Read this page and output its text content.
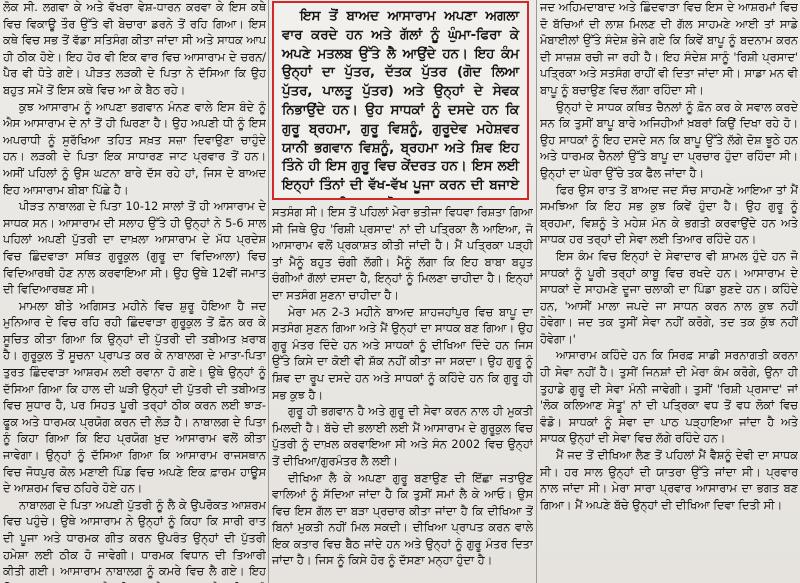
ਲੋਕ ਸੀ. ਲਗਵਾ ਕੇ ਅਤੇ ਵੱਖਰਾ ਵੇਸ਼-ਧਾਰਨ ਕਰਵਾ ਕੇ ਇਸ ਕਥੇ ਵਿਚ ਵਿਕਾਊ ਤੌਰ ਉੱਤੇ ਵੀ ਬੇਚਾਰਾ ਡਰਨੇ ਤੋਂ ਰਹਿ ਗਿਆ। ਇਸ ਕਥੇ ਵਿਚ ਸਭ ਤੋਂ ਵੱਡਾ ਸਤਿਸੰਗ ਕੀਤਾ ਜਾਂਦਾ ਸੀ ਅਤੇ ਸਾਧਕ ਆਪ ਹੀ ਠੀਕ ਹੋਏ। ਇਹ ਹੋਰ ਵੀ ਇਕ ਵਾਰ ਵਿਚ ਆਸਾਰਾਮ ਦੇ ਚਰਨ/ਪੈਰ ਵੀ ਧੋਤੇ ਗਏ। ਪੀੜਤ ਲੜਕੀ ਦੇ ਪਿਤਾ ਨੇ ਦੱਸਿਆ ਕਿ ਉਹ ਬਹੁਤ ਸਮੇਂ ਤੋਂ ਇਸ ਕਥੇ ਵਿਚ ਆ ਕੇ ਬੈਠ ਰਹੇ।

ਕੁਝ ਆਸਾਰਾਮ ਨੂੰ ਆਪਣਾ ਭਗਵਾਨ ਮੰਨਣ ਵਾਲੇ ਇਸ ਬੰਦੇ ਨੂੰ ਐਸ ਆਸਾਰਾਮ ਦੇ ਨਾਂ ਤੋਂ ਹੀ ਘਿਰਣਾ ਹੈ। ਉਹ ਅਪਣੀ ਧੀ ਨੂੰ ਇਸ ਅਪਰਾਧੀ ਨੂੰ ਸੁਰੱਖਿਆ ਤਹਿਤ ਸਖ਼ਤ ਸਜ਼ਾ ਦਿਵਾਉਣਾ ਚਾਹੁੰਦੇ ਹਨ। ਲੜਕੀ ਦੇ ਪਿਤਾ ਇਕ ਸਾਧਾਰਣ ਜਾਟ ਪ੍ਰਵਾਰ ਤੋਂ ਹਨ। ਅਸੀਂ ਪਹਿਲਾਂ ਨੂੰ ਉਸ ਘਟਨਾ ਬਾਰੇ ਦੱਸ ਰਹੇ ਹਾਂ, ਜਿਸ ਦੇ ਬਾਅਦ ਇਹ ਆਸਾਰਾਮ ਬੀਬਾ ਪਿੱਛੇ ਹੈ।

ਪੀੜਤ ਨਾਬਾਲਗ ਦੇ ਪਿਤਾ 10-12 ਸਾਲਾਂ ਤੋਂ ਹੀ ਆਸਾਰਾਮ ਦੇ ਸਾਧਕ ਸਨ। ਆਸਾਰਾਮ ਦੀ ਸਲਾਹ ਉੱਤੇ ਹੀ ਉਨ੍ਹਾਂ ਨੇ 5-6 ਸਾਲ ਪਹਿਲਾਂ ਅਪਣੀ ਪੁੱਤਰੀ ਦਾ ਦਾਖ਼ਲਾ ਆਸਾਰਾਮ ਦੇ ਮੱਧ ਪ੍ਰਦੇਸ਼ ਵਿਚ ਛਿੰਦਵਾੜਾ ਸਥਿਤ ਗੁਰੂਕੁਲ (ਗੁਰੂ ਦਾ ਵਿਦਿਆਲਾ) ਵਿਚ ਵਿਦਿਆਰਥੀ ਹੋਣ ਨਾਲ ਕਰਵਾਇਆ ਸੀ। ਉਹ ਉਥੇ 12ਵੀਂ ਜਮਾਤ ਦੀ ਵਿਦਿਆਰਥਣ ਸੀ।

ਮਾਮਲਾ ਬੀਤੇ ਅਗਿਸਤ ਮਹੀਨੇ ਵਿਚ ਸ਼ੁਰੂ ਹੋਇਆ ਹੈ ਜਦ ਮੁਨਿਆਰ ਦੇ ਵਿਚ ਰਹਿ ਰਹੀ ਛਿੰਦਵਾੜਾ ਗੁਰੂਕੁਲ ਤੋਂ ਫ਼ੋਨ ਕਰ ਕੇ ਸੂਚਿਤ ਕੀਤਾ ਗਿਆ ਕਿ ਉਨ੍ਹਾਂ ਦੀ ਪੁੱਤਰੀ ਦੀ ਤਬੀਅਤ ਖ਼ਰਾਬ ਹੈ। ਗੁਰੂਕੁਲ ਤੋਂ ਸੂਚਨਾ ਪ੍ਰਾਪਤ ਕਰ ਕੇ ਨਾਬਾਲਗ ਦੇ ਮਾਤਾ-ਪਿਤਾ ਤੁਰਤ ਛਿੰਦਵਾੜਾ ਆਸ਼ਰਮ ਲਈ ਰਵਾਨਾ ਹੋ ਗਏ। ਉਥੇ ਉਨ੍ਹਾਂ ਨੂੰ ਦੱਸਿਆ ਗਿਆ ਕਿ ਹਾਲ ਦੀ ਘੜੀ ਉਨ੍ਹਾਂ ਦੀ ਪੁੱਤਰੀ ਦੀ ਤਬੀਅਤ ਵਿਚ ਸੁਧਾਰ ਹੈ, ਪਰ ਸਿਹਤ ਪੂਰੀ ਤਰ੍ਹਾਂ ਠੀਕ ਕਰਨ ਲਈ ਝਾੜ-ਫੂਕ ਅਤੇ ਧਾਰਮਕ ਪ੍ਰਯੋਗ ਕਰਨ ਦੀ ਲੋੜ ਹੈ। ਨਾਬਾਲਗ ਦੇ ਪਿਤਾ ਨੂੰ ਕਿਹਾ ਗਿਆ ਕਿ ਇਹ ਪ੍ਰਯੋਗ ਖ਼ੁਦ ਆਸਾਰਾਮ ਵਲੋਂ ਕੀਤਾ ਜਾਵੇਗਾ। ਉਨ੍ਹਾਂ ਨੂੰ ਦੱਸਿਆ ਗਿਆ ਕਿ ਆਸਾਰਾਮ ਰਾਜਸਥਾਨ ਵਿਚ ਜੋਧਪੁਰ ਕੋਲ ਮਣਾਈ ਪਿੰਡ ਵਿਚ ਅਪਣੇ ਇਕ ਫ਼ਾਰਮ ਹਾਊਸ ਦੇ ਆਸ਼ਰਮ ਵਿਚ ਠਹਿਰੇ ਹੋਏ ਹਨ।

ਨਾਬਾਲਗ ਦੇ ਪਿਤਾ ਅਪਣੀ ਪੁੱਤਰੀ ਨੂੰ ਲੈ ਕੇ ਉਪਰੋਕਤ ਆਸ਼ਰਮ ਵਿਚ ਪਹੁੰਚੇ। ਉਥੇ ਆਸਾਰਾਮ ਨੇ ਉਨ੍ਹਾਂ ਨੂੰ ਕਿਹਾ ਕਿ ਸਾਰੀ ਰਾਤ ਦੀ ਪੂਜਾ ਅਤੇ ਧਾਰਮਕ ਗੀਤ ਕਰਨ ਉਪਰੰਤ ਉਨ੍ਹਾਂ ਦੀ ਪੁੱਤਰੀ ਹਮੇਸ਼ਾ ਲਈ ਠੀਕ ਹੋ ਜਾਵੇਗੀ। ਧਾਰਮਕ ਵਿਧਾਨ ਦੀ ਤਿਆਰੀ ਕੀਤੀ ਗਈ। ਆਸਾਰਾਮ ਨਾਬਾਲਗ ਨੂੰ ਕਮਰੇ ਵਿਚ ਲੈ ਗਏ। ਇਹ

ਇਸ ਤੋਂ ਬਾਅਦ ਆਸਾਰਾਮ ਅਪਣਾ ਅਗਲਾ ਵਾਰ ਕਰਦੇ ਹਨ ਅਤੇ ਗੱਲਾਂ ਨੂੰ ਘੁੰਮਾ-ਫਿਰਾ ਕੇ ਅਪਣੇ ਮਤਲਬ ਉੱਤੇ ਲੈ ਆਉਂਦੇ ਹਨ। ਇਹ ਕੰਮ ਉਨ੍ਹਾਂ ਦਾ ਪੁੱਤਰ, ਦੱਤਕ ਪੁੱਤਰ (ਗੋਦ ਲਿਆ ਪੁੱਤਰ, ਪਾਲਤੂ ਪੁੱਤਰ) ਅਤੇ ਉਨ੍ਹਾਂ ਦੇ ਸੇਵਕ ਨਿਭਾਉਂਦੇ ਹਨ। ਉਹ ਸਾਧਕਾਂ ਨੂੰ ਦਸਦੇ ਹਨ ਕਿ ਗੁਰੂ ਬ੍ਰਹਮਾ, ਗੁਰੂ ਵਿਸ਼ਨੂੰ, ਗੁਰੂਦੇਵ ਮਹੇਸ਼ਵਰ ਯਾਨੀ ਭਗਵਾਨ ਵਿਸ਼ਨੂੰ, ਬ੍ਰਹਮਾ ਅਤੇ ਸ਼ਿਵ ਇਹ ਤਿੰਨੇ ਹੀ ਇਸ ਗੁਰੂ ਵਿਚ ਕੇਂਦਰਤ ਹਨ। ਇਸ ਲਈ ਇਨ੍ਹਾਂ ਤਿੰਨਾਂ ਦੀ ਵੱਖ-ਵੱਖ ਪੂਜਾ ਕਰਨ ਦੀ ਬਜਾਏ

ਸਤਸੰਗ ਸੀ। ਇਸ ਤੋਂ ਪਹਿਲਾਂ ਮੇਰਾ ਭਤੀਜਾ ਵਿਧਵਾ ਰਿਸ਼ਤਾ ਗਿਆ ਸੀ ਜਿਥੇ ਉਹ 'ਰਿਸ਼ੀ ਪ੍ਰਸਾਦ' ਨਾਂ ਦੀ ਪਤ੍ਰਿਕਾ ਲੈ ਆਇਆ, ਜੋ ਆਸਾਰਾਮ ਵਲੋਂ ਪ੍ਰਕਾਸ਼ਤ ਕੀਤੀ ਜਾਂਦੀ ਹੈ। ਮੈਂ ਪਤ੍ਰਿਕਾ ਪੜ੍ਹੀ ਤਾਂ ਮੈਨੂੰ ਬਹੁਤ ਚੰਗੀ ਲੱਗੀ। ਮੈਨੂੰ ਲੱਗਾ ਕਿ ਇਹ ਬਾਬਾ ਬਹੁਤ ਚੰਗੀਆਂ ਗੱਲਾਂ ਦਸਦਾ ਹੈ, ਇਨ੍ਹਾਂ ਨੂੰ ਮਿਲਣਾ ਚਾਹੀਦਾ ਹੈ। ਇਨ੍ਹਾਂ ਦਾ ਸਤਸੰਗ ਸੁਣਨਾ ਚਾਹੀਦਾ ਹੈ।

ਮੇਰਾ ਮਨ 2-3 ਮਹੀਨੇ ਬਾਅਦ ਸ਼ਾਹਜਹਾਂਪੁਰ ਵਿਚ ਬਾਪੂ ਦਾ ਸਤਸੰਗ ਸੁਣਨ ਗਿਆ ਅਤੇ ਮੈਂ ਉਨ੍ਹਾਂ ਦਾ ਸਾਧਕ ਬਣ ਗਿਆ। ਉਹ ਗੁਰੂ ਮੰਤਰ ਦਿੰਦੇ ਹਨ ਅਤੇ ਸਾਧਕਾਂ ਨੂੰ ਦੀਖਿਆ ਦਿੰਦੇ ਹਨ ਜਿਸ ਉੱਤੇ ਕਿਸੇ ਦਾ ਕੋਈ ਵੀ ਸ਼ੱਕ ਨਹੀਂ ਕੀਤਾ ਜਾ ਸਕਦਾ। ਉਹ ਗੁਰੂ ਨੂੰ ਸ਼ਿਵ ਦਾ ਰੂਪ ਦਸਦੇ ਹਨ ਅਤੇ ਸਾਧਕਾਂ ਨੂੰ ਕਹਿੰਦੇ ਹਨ ਕਿ ਗੁਰੂ ਹੀ ਸਭ ਕੁਝ ਹੈ।

ਗੁਰੂ ਹੀ ਭਗਵਾਨ ਹੈ ਅਤੇ ਗੁਰੂ ਦੀ ਸੇਵਾ ਕਰਨ ਨਾਲ ਹੀ ਮੁਕਤੀ ਮਿਲਦੀ ਹੈ। ਬੱਚੇ ਦੀ ਭਲਾਈ ਲਈ ਮੈਂ ਆਸਾਰਾਮ ਦੇ ਗੁਰੂਕੁਲ ਵਿਚ ਪੁੱਤਰੀ ਨੂੰ ਦਾਖ਼ਲ ਕਰਵਾਇਆ ਸੀ ਅਤੇ ਸੰਨ 2002 ਵਿਚ ਉਨ੍ਹਾਂ ਤੋਂ ਦੀਖਿਆ/ਗੁਰਮੰਤਰ ਲੈ ਲਈ।

ਦੀਖਿਆ ਲੈ ਕੇ ਅਪਣਾ ਗੁਰੂ ਬਣਾਉਣ ਦੀ ਇੱਛਾ ਜਤਾਉਣ ਵਾਲਿਆਂ ਨੂੰ ਸੱਦਿਆ ਜਾਂਦਾ ਹੈ ਕਿ ਤੁਸੀਂ ਸਮਾਂ ਲੈ ਕੇ ਆਓ। ਉਸ ਵਿਚ ਇਸ ਗੱਲ ਦਾ ਬੜਾ ਪ੍ਰਚਾਰ ਕੀਤਾ ਜਾਂਦਾ ਹੈ ਕਿ ਦੀਖਿਆ ਤੋਂ ਬਿਨਾਂ ਮੁਕਤੀ ਨਹੀਂ ਮਿਲ ਸਕਦੀ। ਦੀਖਿਆ ਪ੍ਰਾਪਤ ਕਰਨ ਵਾਲੇ ਇਕ ਕਤਾਰ ਵਿਚ ਬੈਠ ਜਾਂਦੇ ਹਨ ਅਤੇ ਉਨ੍ਹਾਂ ਨੂੰ ਗੁਰੂ ਮੰਤਰ ਦਿਤਾ ਜਾਂਦਾ ਹੈ। ਜਿਸ ਨੂੰ ਕਿਸੇ ਹੋਰ ਨੂੰ ਦੱਸਣਾ ਮਨ੍ਹਾ ਹੁੰਦਾ ਹੈ।

ਜਦ ਅਹਿਮਦਾਬਾਦ ਅਤੇ ਛਿੰਦਵਾੜਾ ਵਿਚ ਇਸ ਦੇ ਆਸ਼ਰਮਾਂ ਵਿਚ ਦੋ ਬੱਚਿਆਂ ਦੀ ਲਾਸ਼ ਮਿਲਣ ਦੀ ਗੱਲ ਸਾਹਮਣੇ ਆਈ ਤਾਂ ਸਾਡੇ ਮੋਬਾਈਲਾਂ ਉੱਤੇ ਸੰਦੇਸ਼ ਭੇਜੇ ਗਏ ਕਿ ਕਿਵੇਂ ਬਾਪੂ ਨੂੰ ਬਦਨਾਮ ਕਰਨ ਦੀ ਸਾਜ਼ਸ਼ ਰਚੀ ਜਾ ਰਹੀ ਹੈ। ਇਹ ਸੰਦੇਸ਼ ਸਾਨੂੰ 'ਰਿਸ਼ੀ ਪ੍ਰਸਾਦ' ਪਤ੍ਰਿਕਾ ਅਤੇ ਸਤਸੰਗ ਰਾਹੀਂ ਵੀ ਦਿਤਾ ਜਾਂਦਾ ਸੀ। ਸਾਡਾ ਮਨ ਵੀ ਬਾਪੂ ਨੂੰ ਬਚਾਉਣ ਵਿਚ ਲੱਗਾ ਰਹਿੰਦਾ ਸੀ।

ਉਨ੍ਹਾਂ ਦੇ ਸਾਧਕ ਕਥਿਤ ਚੈਨਲਾਂ ਨੂੰ ਫ਼ੋਨ ਕਰ ਕੇ ਸਵਾਲ ਕਰਦੇ ਸਨ ਕਿ ਤੁਸੀਂ ਬਾਪੂ ਬਾਰੇ ਅਜਿਹੀਆਂ ਖ਼ਬਰਾਂ ਕਿਉਂ ਦਿਖਾ ਰਹੇ ਹੋ। ਉਹ ਸਾਧਕਾਂ ਨੂੰ ਇਹ ਦਸਦੇ ਸਨ ਕਿ ਬਾਪੂ ਉੱਤੇ ਲੱਗੇ ਦੋਸ਼ ਝੂਠੇ ਹਨ ਅਤੇ ਧਾਰਮਕ ਚੈਨਲਾਂ ਉੱਤੇ ਬਾਪੂ ਦਾ ਪ੍ਰਚਾਰ ਹੁੰਦਾ ਰਹਿੰਦਾ ਸੀ। ਉਨ੍ਹਾਂ ਦਾ ਘੇਰਾ ਉੱਚੇ ਤਕ ਫੈਲ ਜਾਂਦਾ ਹੈ।

ਫਿਰ ਉਸ ਰਾਤ ਤੋਂ ਬਾਅਦ ਜਦ ਸੱਚ ਸਾਹਮਣੇ ਆਇਆ ਤਾਂ ਮੈਂ ਸਮਝਿਆ ਕਿ ਇਹ ਸਭ ਕੁਝ ਕਿਵੇਂ ਹੁੰਦਾ ਹੈ। ਉਹ ਗੁਰੂ ਨੂੰ ਬ੍ਰਹਮਾ, ਵਿਸ਼ਨੂੰ ਤੇ ਮਹੇਸ਼ ਮੰਨ ਕੇ ਭਗਤੀ ਕਰਵਾਉਂਦੇ ਹਨ ਅਤੇ ਸਾਧਕ ਹਰ ਤਰ੍ਹਾਂ ਦੀ ਸੇਵਾ ਲਈ ਤਿਆਰ ਰਹਿੰਦੇ ਹਨ।

ਇਸ ਕੰਮ ਵਿਚ ਇਨ੍ਹਾਂ ਦੇ ਸੇਵਾਦਾਰ ਵੀ ਸ਼ਾਮਲ ਹੁੰਦੇ ਹਨ ਜੋ ਸਾਧਕਾਂ ਨੂੰ ਪੂਰੀ ਤਰ੍ਹਾਂ ਕਾਬੂ ਵਿਚ ਰਖਦੇ ਹਨ। ਆਸਾਰਾਮ ਦੇ ਸਾਧਕਾਂ ਦੇ ਸਾਹਮਣੇ ਦੂਜਾ ਚਲਾਕੀ ਦਾ ਪਿੰਡਾ ਬੁਣਦੇ ਹਨ। ਕਹਿੰਦੇ ਹਨ, 'ਆਸੀਂ ਮਾਲਾ ਜਪਦੇ ਜਾ ਸਾਧਨ ਕਰਨ ਨਾਲ ਕੁਝ ਨਹੀਂ ਹੋਵੇਗਾ। ਜਦ ਤਕ ਤੁਸੀਂ ਸੇਵਾ ਨਹੀਂ ਕਰੋਗੇ, ਤਦ ਤਕ ਕੁੱਝ ਨਹੀਂ ਹੋਵੇਗਾ।'

ਆਸਾਰਾਮ ਕਹਿੰਦੇ ਹਨ ਕਿ ਸਿਰਫ਼ ਸਾਡੀ ਸਰਨਾਗਤੀ ਕਰਨਾ ਹੀ ਸੇਵਾ ਨਹੀਂ ਹੈ। ਤੁਸੀਂ ਜਿਨਸ਼ਾਂ ਦੀ ਮੇਰਾ ਕੰਮ ਕਰੋਗੇ, ਉਨਾ ਹੀ ਤੁਹਾਡੇ ਗੁਰੂ ਦੀ ਸੇਵਾ ਮੰਨੀ ਜਾਵੇਗੀ। ਤੁਸੀਂ 'ਰਿਸ਼ੀ ਪ੍ਰਸਾਦ' ਜਾਂ 'ਲੋਕ ਕਲਿਆਣ ਸੇਤੂ' ਨਾਂ ਦੀ ਪਤ੍ਰਿਕਾ ਵਧ ਤੋਂ ਵਧ ਲੋਕਾਂ ਵਿਚ ਵੰਡੋ। ਸਾਧਕਾਂ ਨੂੰ ਸੇਵਾ ਦਾ ਪਾਠ ਪੜ੍ਹਾਇਆ ਜਾਂਦਾ ਹੈ ਅਤੇ ਸਾਧਕ ਉਨ੍ਹਾਂ ਦੀ ਸੇਵਾ ਵਿਚ ਲੱਗੇ ਰਹਿੰਦੇ ਹਨ।

ਮੈਂ ਜਦ ਤੋਂ ਦੀਖਿਆ ਲੈਣ ਤੋਂ ਪਹਿਲਾਂ ਮੈਂ ਵੈਸ਼ਨੂੰ ਦੇਵੀ ਦਾ ਸਾਧਕ ਸੀ। ਹਰ ਸਾਲ ਉਨ੍ਹਾਂ ਦੀ ਯਾਤਰਾ ਉੱਤੇ ਜਾਂਦਾ ਸੀ। ਪ੍ਰਵਾਰ ਨਾਲ ਜਾਂਦਾ ਸੀ। ਮੇਰਾ ਸਾਰਾ ਪ੍ਰਵਾਰ ਆਸਾਰਾਮ ਦਾ ਭਗਤ ਬਣ ਗਿਆ। ਮੈਂ ਅਪਣੇ ਬੱਚੇ ਉਨ੍ਹਾਂ ਦੀ ਦੀਖਿਆ ਦਿਵਾ ਦਿਤੀ ਸੀ।
